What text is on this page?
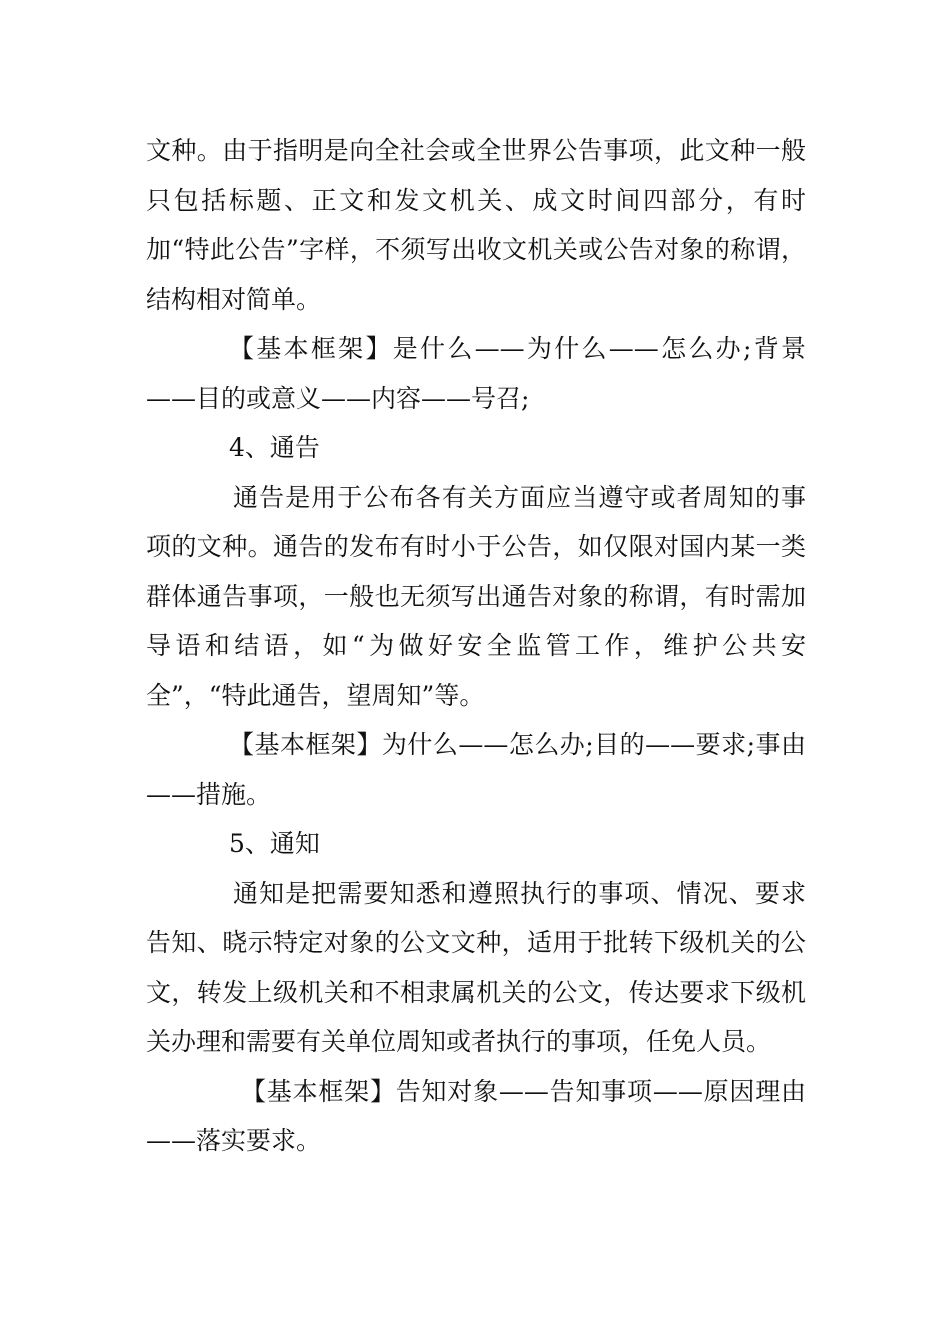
文种。由于指明是向全社会或全世界公告事项，此文种一般只包括标题、正文和发文机关、成文时间四部分，有时加“特此公告”字样，不须写出收文机关或公告对象的称谓，结构相对简单。

【基本框架】是什么——为什么——怎么办;背景——目的或意义——内容——号召;

4、通告

通告是用于公布各有关方面应当遵守或者周知的事项的文种。通告的发布有时小于公告，如仅限对国内某一类群体通告事项，一般也无须写出通告对象的称谓，有时需加导语和结语，如“为做好安全监管工作，维护公共安全”，“特此通告，望周知”等。

【基本框架】为什么——怎么办;目的——要求;事由——措施。

5、通知

通知是把需要知悉和遵照执行的事项、情况、要求告知、晓示特定对象的公文文种，适用于批转下级机关的公文，转发上级机关和不相隶属机关的公文，传达要求下级机关办理和需要有关单位周知或者执行的事项，任免人员。

【基本框架】告知对象——告知事项——原因理由——落实要求。
